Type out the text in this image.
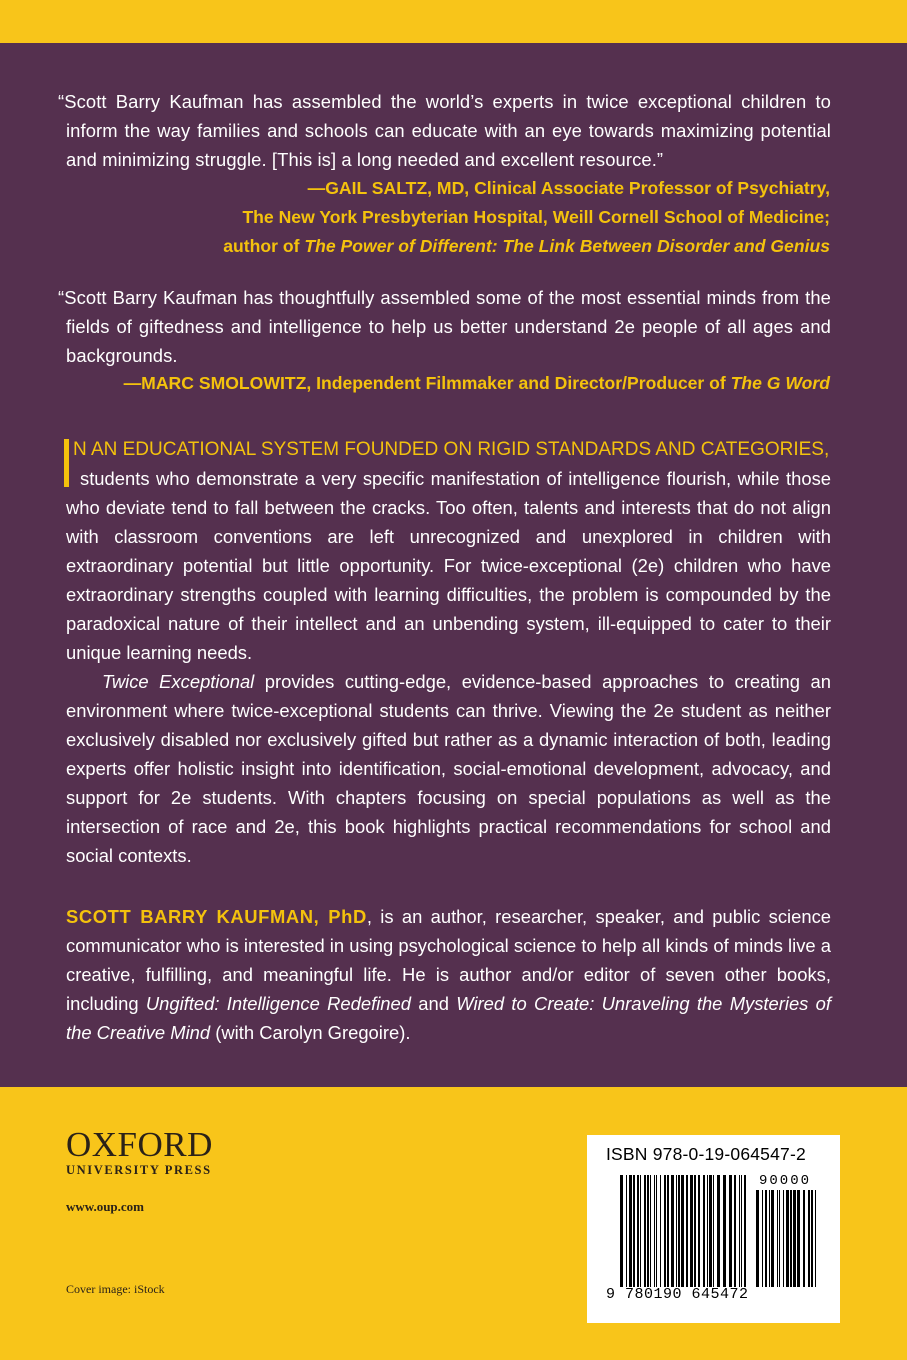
“Scott Barry Kaufman has assembled the world’s experts in twice exceptional children to inform the way families and schools can educate with an eye towards maximizing potential and minimizing struggle. [This is] a long needed and excellent resource.”

—GAIL SALTZ, MD, Clinical Associate Professor of Psychiatry,
The New York Presbyterian Hospital, Weill Cornell School of Medicine;
author of The Power of Different: The Link Between Disorder and Genius

“Scott Barry Kaufman has thoughtfully assembled some of the most essential minds from the fields of giftedness and intelligence to help us better understand 2e people of all ages and backgrounds.

—MARC SMOLOWITZ, Independent Filmmaker and Director/Producer of The G Word
N AN EDUCATIONAL SYSTEM FOUNDED ON RIGID STANDARDS AND CATEGORIES,

students who demonstrate a very specific manifestation of intelligence flourish, while those who deviate tend to fall between the cracks. Too often, talents and interests that do not align with classroom conventions are left unrecognized and unexplored in children with extraordinary potential but little opportunity. For twice-exceptional (2e) children who have extraordinary strengths coupled with learning difficulties, the problem is compounded by the paradoxical nature of their intellect and an unbending system, ill-equipped to cater to their unique learning needs.

Twice Exceptional provides cutting-edge, evidence-based approaches to creating an environment where twice-exceptional students can thrive. Viewing the 2e student as neither exclusively disabled nor exclusively gifted but rather as a dynamic interaction of both, leading experts offer holistic insight into identification, social-emotional development, advocacy, and support for 2e students. With chapters focusing on special populations as well as the intersection of race and 2e, this book highlights practical recommendations for school and social contexts.

SCOTT BARRY KAUFMAN, PhD, is an author, researcher, speaker, and public science communicator who is interested in using psychological science to help all kinds of minds live a creative, fulfilling, and meaningful life. He is author and/or editor of seven other books, including Ungifted: Intelligence Redefined and Wired to Create: Unraveling the Mysteries of the Creative Mind (with Carolyn Gregoire).

OXFORD
UNIVERSITY PRESS
www.oup.com
Cover image: iStock
ISBN 978-0-19-064547-2
90000
9 780190 645472
